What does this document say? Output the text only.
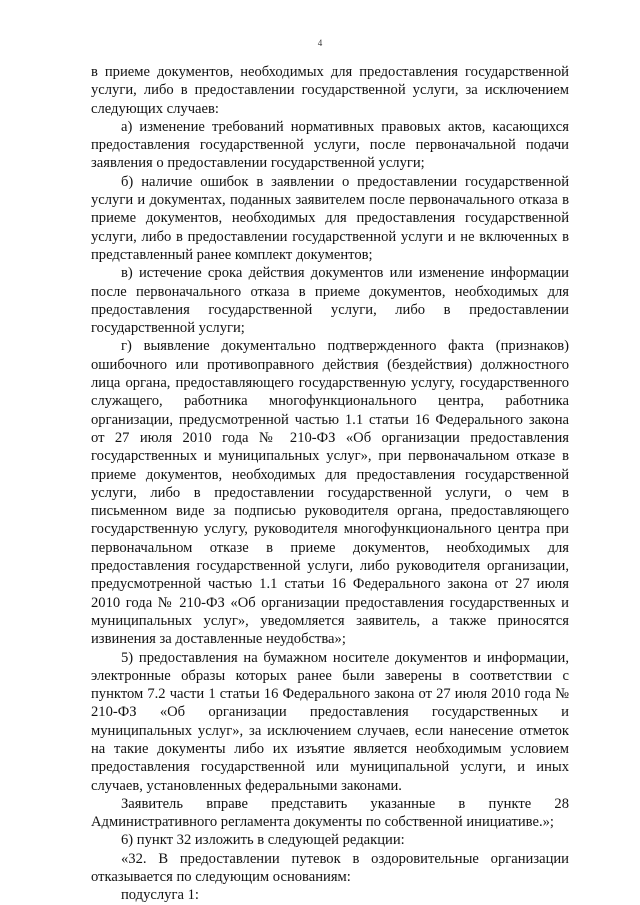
4

в приеме документов, необходимых для предоставления государственной услуги, либо в предоставлении государственной услуги, за исключением следующих случаев:

а) изменение требований нормативных правовых актов, касающихся предоставления государственной услуги, после первоначальной подачи заявления о предоставлении государственной услуги;

б) наличие ошибок в заявлении о предоставлении государственной услуги и документах, поданных заявителем после первоначального отказа в приеме документов, необходимых для предоставления государственной услуги, либо в предоставлении государственной услуги и не включенных в представленный ранее комплект документов;

в) истечение срока действия документов или изменение информации после первоначального отказа в приеме документов, необходимых для предоставления государственной услуги, либо в предоставлении государственной услуги;

г) выявление документально подтвержденного факта (признаков) ошибочного или противоправного действия (бездействия) должностного лица органа, предоставляющего государственную услугу, государственного служащего, работника многофункционального центра, работника организации, предусмотренной частью 1.1 статьи 16 Федерального закона от 27 июля 2010 года № 210-ФЗ «Об организации предоставления государственных и муниципальных услуг», при первоначальном отказе в приеме документов, необходимых для предоставления государственной услуги, либо в предоставлении государственной услуги, о чем в письменном виде за подписью руководителя органа, предоставляющего государственную услугу, руководителя многофункционального центра при первоначальном отказе в приеме документов, необходимых для предоставления государственной услуги, либо руководителя организации, предусмотренной частью 1.1 статьи 16 Федерального закона от 27 июля 2010 года № 210-ФЗ «Об организации предоставления государственных и муниципальных услуг», уведомляется заявитель, а также приносятся извинения за доставленные неудобства»;

5) предоставления на бумажном носителе документов и информации, электронные образы которых ранее были заверены в соответствии с пунктом 7.2 части 1 статьи 16 Федерального закона от 27 июля 2010 года № 210-ФЗ «Об организации предоставления государственных и муниципальных услуг», за исключением случаев, если нанесение отметок на такие документы либо их изъятие является необходимым условием предоставления государственной или муниципальной услуги, и иных случаев, установленных федеральными законами.

Заявитель вправе представить указанные в пункте 28 Административного регламента документы по собственной инициативе.»;

6) пункт 32 изложить в следующей редакции:

«32. В предоставлении путевок в оздоровительные организации отказывается по следующим основаниям:

подуслуга 1:
